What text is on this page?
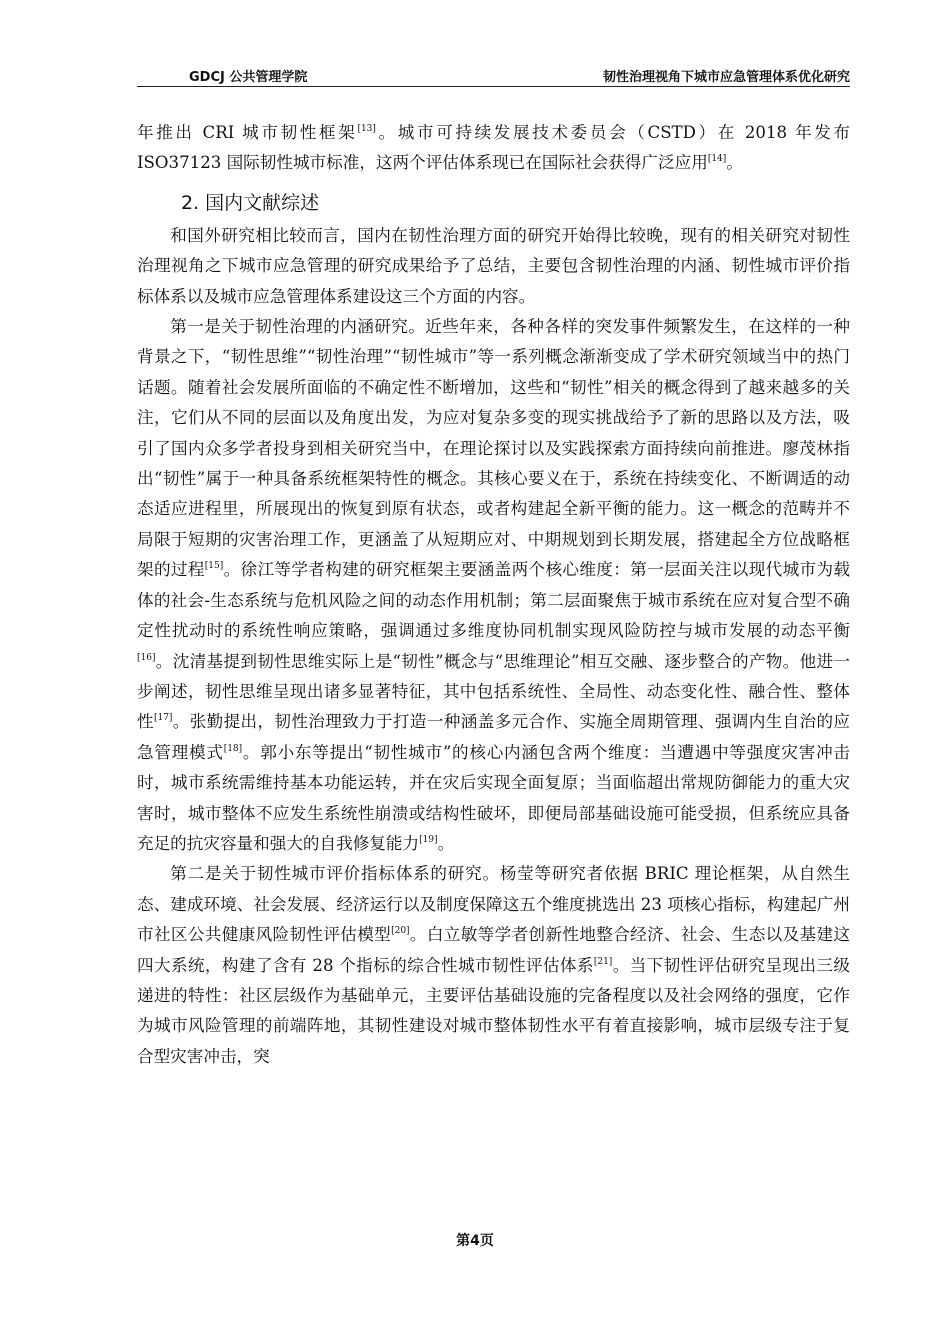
GDCJ 公共管理学院	韧性治理视角下城市应急管理体系优化研究

年推出 CRI 城市韧性框架[13]。城市可持续发展技术委员会（CSTD）在 2018 年发布 ISO37123 国际韧性城市标准，这两个评估体系现已在国际社会获得广泛应用[14]。

2. 国内文献综述

和国外研究相比较而言，国内在韧性治理方面的研究开始得比较晚，现有的相关研究对韧性治理视角之下城市应急管理的研究成果给予了总结，主要包含韧性治理的内涵、韧性城市评价指标体系以及城市应急管理体系建设这三个方面的内容。

第一是关于韧性治理的内涵研究。近些年来，各种各样的突发事件频繁发生，在这样的一种背景之下，“韧性思维”“韧性治理”“韧性城市”等一系列概念渐渐变成了学术研究领域当中的热门话题。随着社会发展所面临的不确定性不断增加，这些和“韧性”相关的概念得到了越来越多的关注，它们从不同的层面以及角度出发，为应对复杂多变的现实挑战给予了新的思路以及方法，吸引了国内众多学者投身到相关研究当中，在理论探讨以及实践探索方面持续向前推进。廖茂林指出“韧性”属于一种具备系统框架特性的概念。其核心要义在于，系统在持续变化、不断调适的动态适应进程里，所展现出的恢复到原有状态，或者构建起全新平衡的能力。这一概念的范畴并不局限于短期的灾害治理工作，更涵盖了从短期应对、中期规划到长期发展，搭建起全方位战略框架的过程[15]。徐江等学者构建的研究框架主要涵盖两个核心维度：第一层面关注以现代城市为载体的社会-生态系统与危机风险之间的动态作用机制；第二层面聚焦于城市系统在应对复合型不确定性扰动时的系统性响应策略，强调通过多维度协同机制实现风险防控与城市发展的动态平衡[16]。沈清基提到韧性思维实际上是“韧性”概念与“思维理论”相互交融、逐步整合的产物。他进一步阐述，韧性思维呈现出诸多显著特征，其中包括系统性、全局性、动态变化性、融合性、整体性[17]。张勤提出，韧性治理致力于打造一种涵盖多元合作、实施全周期管理、强调内生自治的应急管理模式[18]。郭小东等提出“韧性城市”的核心内涵包含两个维度：当遭遇中等强度灾害冲击时，城市系统需维持基本功能运转，并在灾后实现全面复原；当面临超出常规防御能力的重大灾害时，城市整体不应发生系统性崩溃或结构性破坏，即便局部基础设施可能受损，但系统应具备充足的抗灾容量和强大的自我修复能力[19]。

第二是关于韧性城市评价指标体系的研究。杨莹等研究者依据 BRIC 理论框架，从自然生态、建成环境、社会发展、经济运行以及制度保障这五个维度挑选出 23 项核心指标，构建起广州市社区公共健康风险韧性评估模型[20]。白立敏等学者创新性地整合经济、社会、生态以及基建这四大系统，构建了含有 28 个指标的综合性城市韧性评估体系[21]。当下韧性评估研究呈现出三级递进的特性：社区层级作为基础单元，主要评估基础设施的完备程度以及社会网络的强度，它作为城市风险管理的前端阵地，其韧性建设对城市整体韧性水平有着直接影响，城市层级专注于复合型灾害冲击，突

第4页
